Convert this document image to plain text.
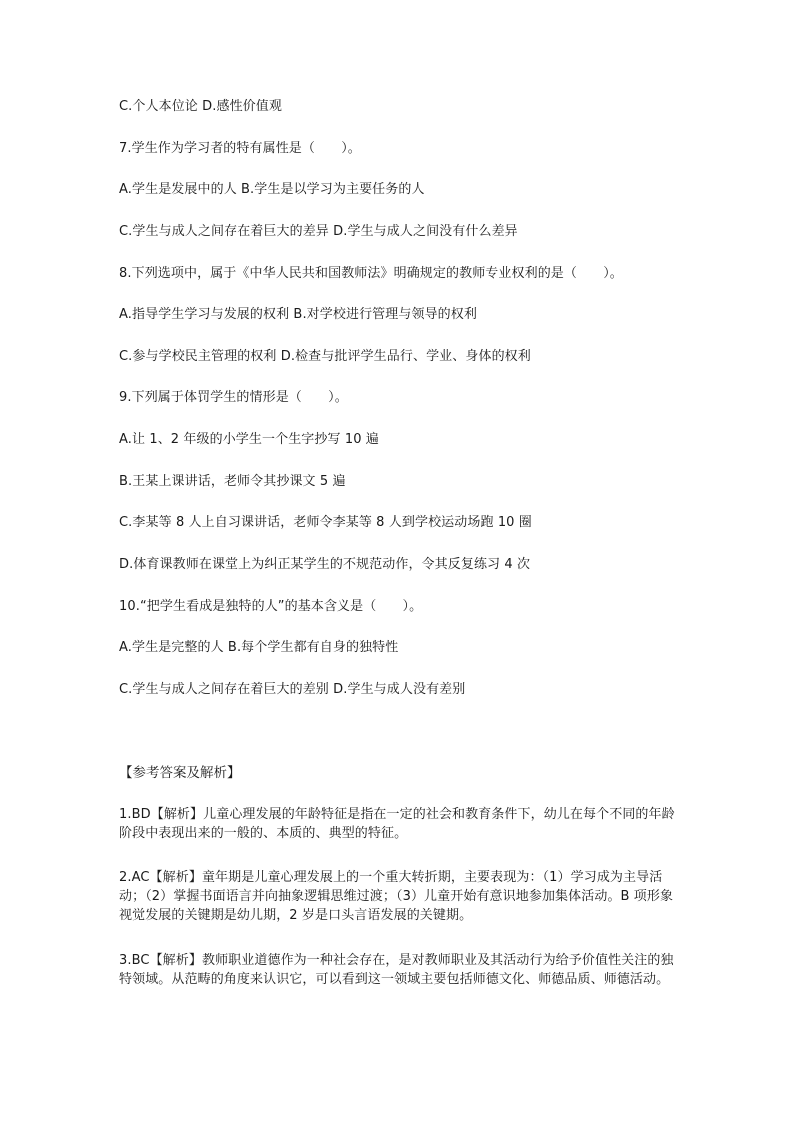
C.个人本位论 D.感性价值观
7.学生作为学习者的特有属性是（　　）。
A.学生是发展中的人 B.学生是以学习为主要任务的人
C.学生与成人之间存在着巨大的差异 D.学生与成人之间没有什么差异
8.下列选项中，属于《中华人民共和国教师法》明确规定的教师专业权利的是（　　）。
A.指导学生学习与发展的权利 B.对学校进行管理与领导的权利
C.参与学校民主管理的权利 D.检查与批评学生品行、学业、身体的权利
9.下列属于体罚学生的情形是（　　）。
A.让 1、2 年级的小学生一个生字抄写 10 遍
B.王某上课讲话，老师令其抄课文 5 遍
C.李某等 8 人上自习课讲话，老师令李某等 8 人到学校运动场跑 10 圈
D.体育课教师在课堂上为纠正某学生的不规范动作，令其反复练习 4 次
10.“把学生看成是独特的人”的基本含义是（　　）。
A.学生是完整的人 B.每个学生都有自身的独特性
C.学生与成人之间存在着巨大的差别 D.学生与成人没有差别
【参考答案及解析】
1.BD【解析】儿童心理发展的年龄特征是指在一定的社会和教育条件下，幼儿在每个不同的年龄阶段中表现出来的一般的、本质的、典型的特征。
2.AC【解析】童年期是儿童心理发展上的一个重大转折期，主要表现为：（1）学习成为主导活动；（2）掌握书面语言并向抽象逻辑思维过渡；（3）儿童开始有意识地参加集体活动。B 项形象视觉发展的关键期是幼儿期，2 岁是口头言语发展的关键期。
3.BC【解析】教师职业道德作为一种社会存在，是对教师职业及其活动行为给予价值性关注的独特领域。从范畴的角度来认识它，可以看到这一领域主要包括师德文化、师德品质、师德活动。
